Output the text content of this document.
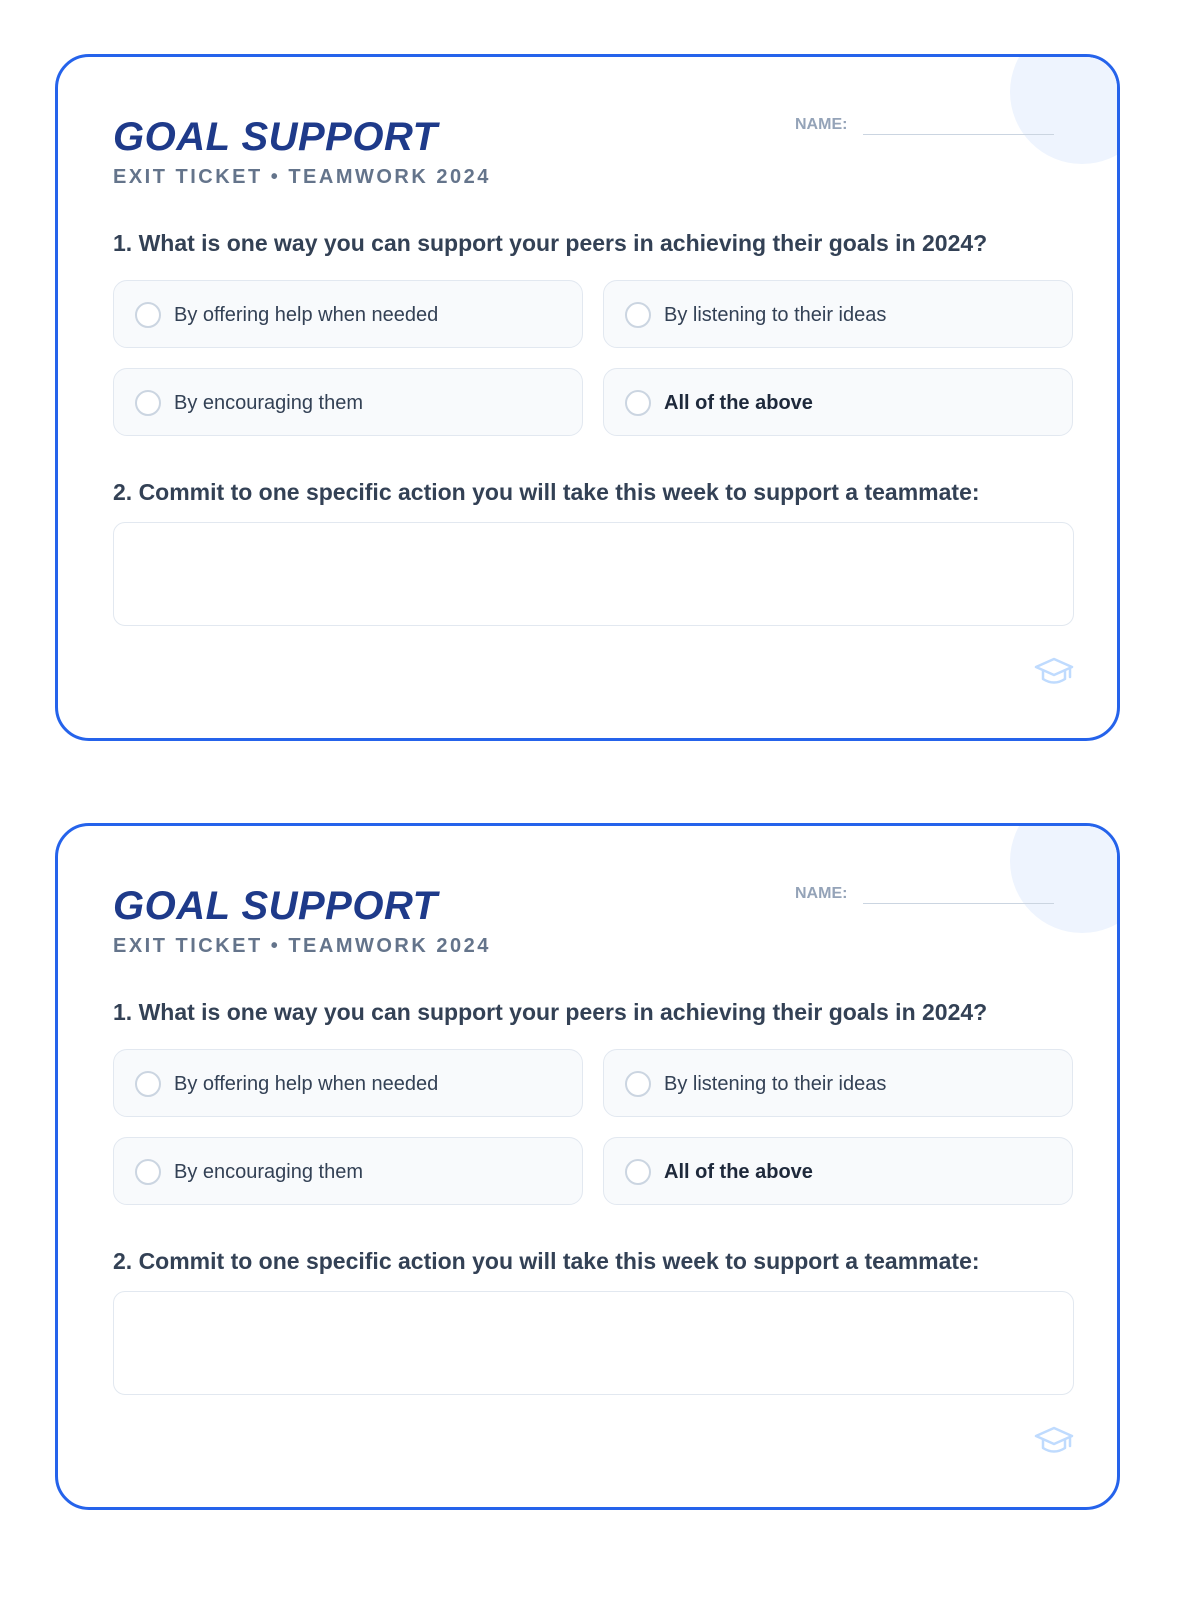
GOAL SUPPORT
EXIT TICKET • TEAMWORK 2024
NAME:

1. What is one way you can support your peers in achieving their goals in 2024?

By offering help when needed	By listening to their ideas
By encouraging them	All of the above

2. Commit to one specific action you will take this week to support a teammate:

GOAL SUPPORT
EXIT TICKET • TEAMWORK 2024
NAME:

1. What is one way you can support your peers in achieving their goals in 2024?

By offering help when needed	By listening to their ideas
By encouraging them	All of the above

2. Commit to one specific action you will take this week to support a teammate:
